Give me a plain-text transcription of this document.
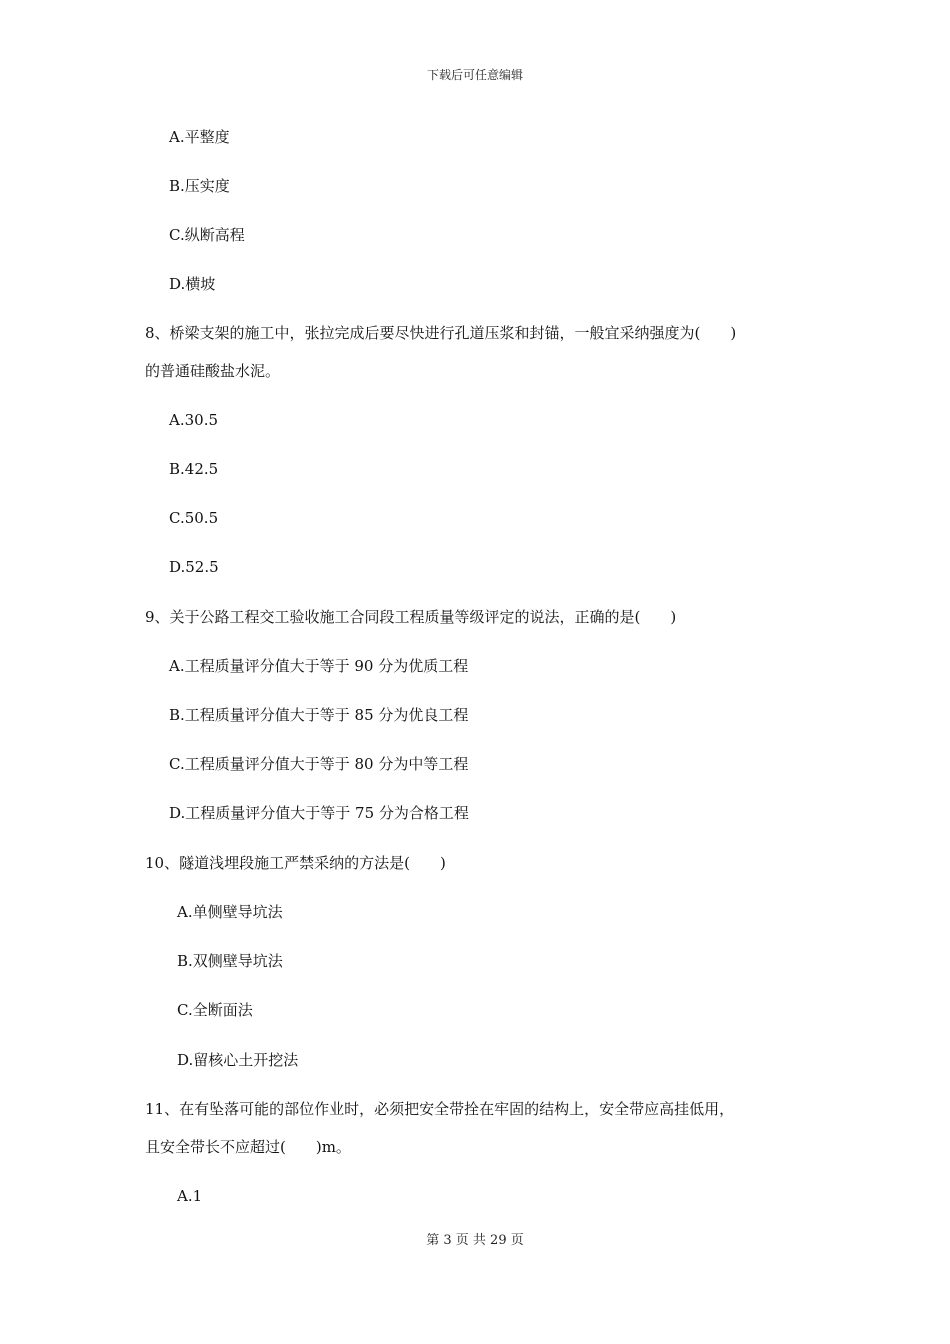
下载后可任意编辑
A.平整度
B.压实度
C.纵断高程
D.横坡
8、桥梁支架的施工中，张拉完成后要尽快进行孔道压浆和封锚，一般宜采纳强度为(　　)
的普通硅酸盐水泥。
A.30.5
B.42.5
C.50.5
D.52.5
9、关于公路工程交工验收施工合同段工程质量等级评定的说法，正确的是(　　)
A.工程质量评分值大于等于 90 分为优质工程
B.工程质量评分值大于等于 85 分为优良工程
C.工程质量评分值大于等于 80 分为中等工程
D.工程质量评分值大于等于 75 分为合格工程
10、隧道浅埋段施工严禁采纳的方法是(　　)
A.单侧壁导坑法
B.双侧壁导坑法
C.全断面法
D.留核心土开挖法
11、在有坠落可能的部位作业时，必须把安全带拴在牢固的结构上，安全带应高挂低用，
且安全带长不应超过(　　)m。
A.1
第 3 页 共 29 页
